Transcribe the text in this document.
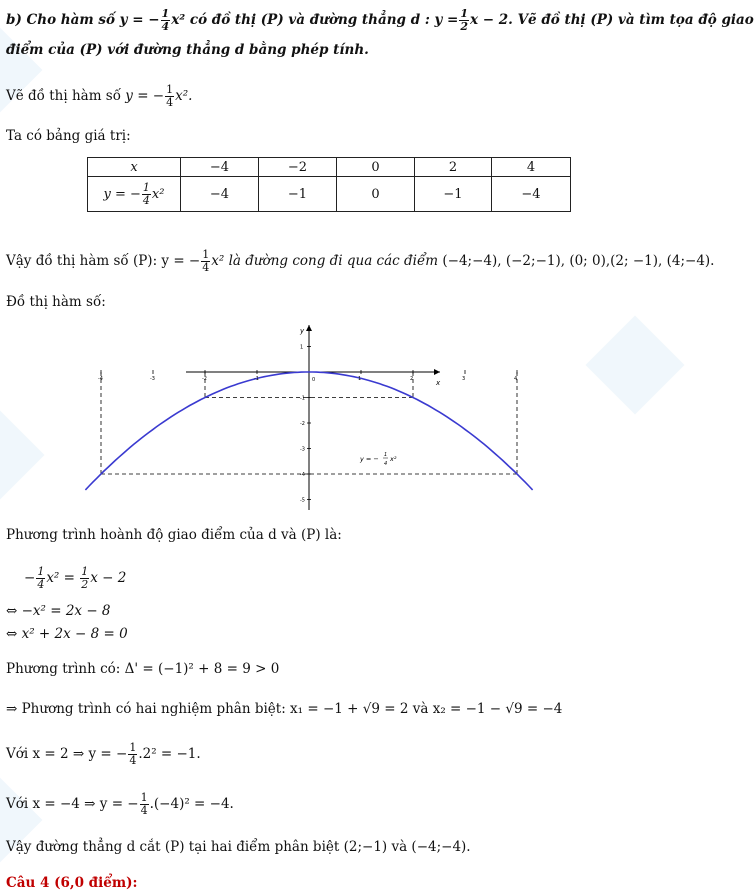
b) Cho hàm số y = − $\frac{1}{4} x^2$ có đồ thị (P) và đường thẳng d : $y = \frac{1}{2}$ x − 2. Vẽ đồ thị (P) và tìm tọa độ giao
điểm của (P) với đường thẳng d bằng phép tính.
Vẽ đồ thị hàm số y = − $\frac{1}{4} x^2$.
Ta có bảng giá trị:
x	−4	−2	0	2	4
y = − $\frac{1}{4} x^2$	−4	−1	0	−1	−4
Vậy đồ thị hàm số (P): y = − $\frac{1}{4} x^2$ là đường cong đi qua các điểm (−4;−4), (−2;−1), (0; 0),(2; −1), (4;−4).
Đồ thị hàm số:
x
y
0
-4	-3	-2	-1	1	2	3	4
1
-1
-2
-3
-4
-5
y = − 1
4
x²
Phương trình hoành độ giao điểm của d và (P) là:
− $\frac{1}{4} x^2 = \frac{1}{2}$ x − 2
⇔ −x² = 2x − 8
⇔ x² + 2x − 8 = 0
Phương trình có: Δ' = (−1)² + 8 = 9 > 0
⇒ Phương trình có hai nghiệm phân biệt: x₁ = −1 + √9 = 2 và x₂ = −1 − √9 = −4
Với x = 2 ⇒ y = − $\frac{1}{4} .2^2 = -1$.
Với x = −4 ⇒ y = − $\frac{1}{4} .(-4)^2 = -4$.
Vậy đường thẳng d cắt (P) tại hai điểm phân biệt (2;−1) và (−4;−4).
Câu 4 (6,0 điểm):
